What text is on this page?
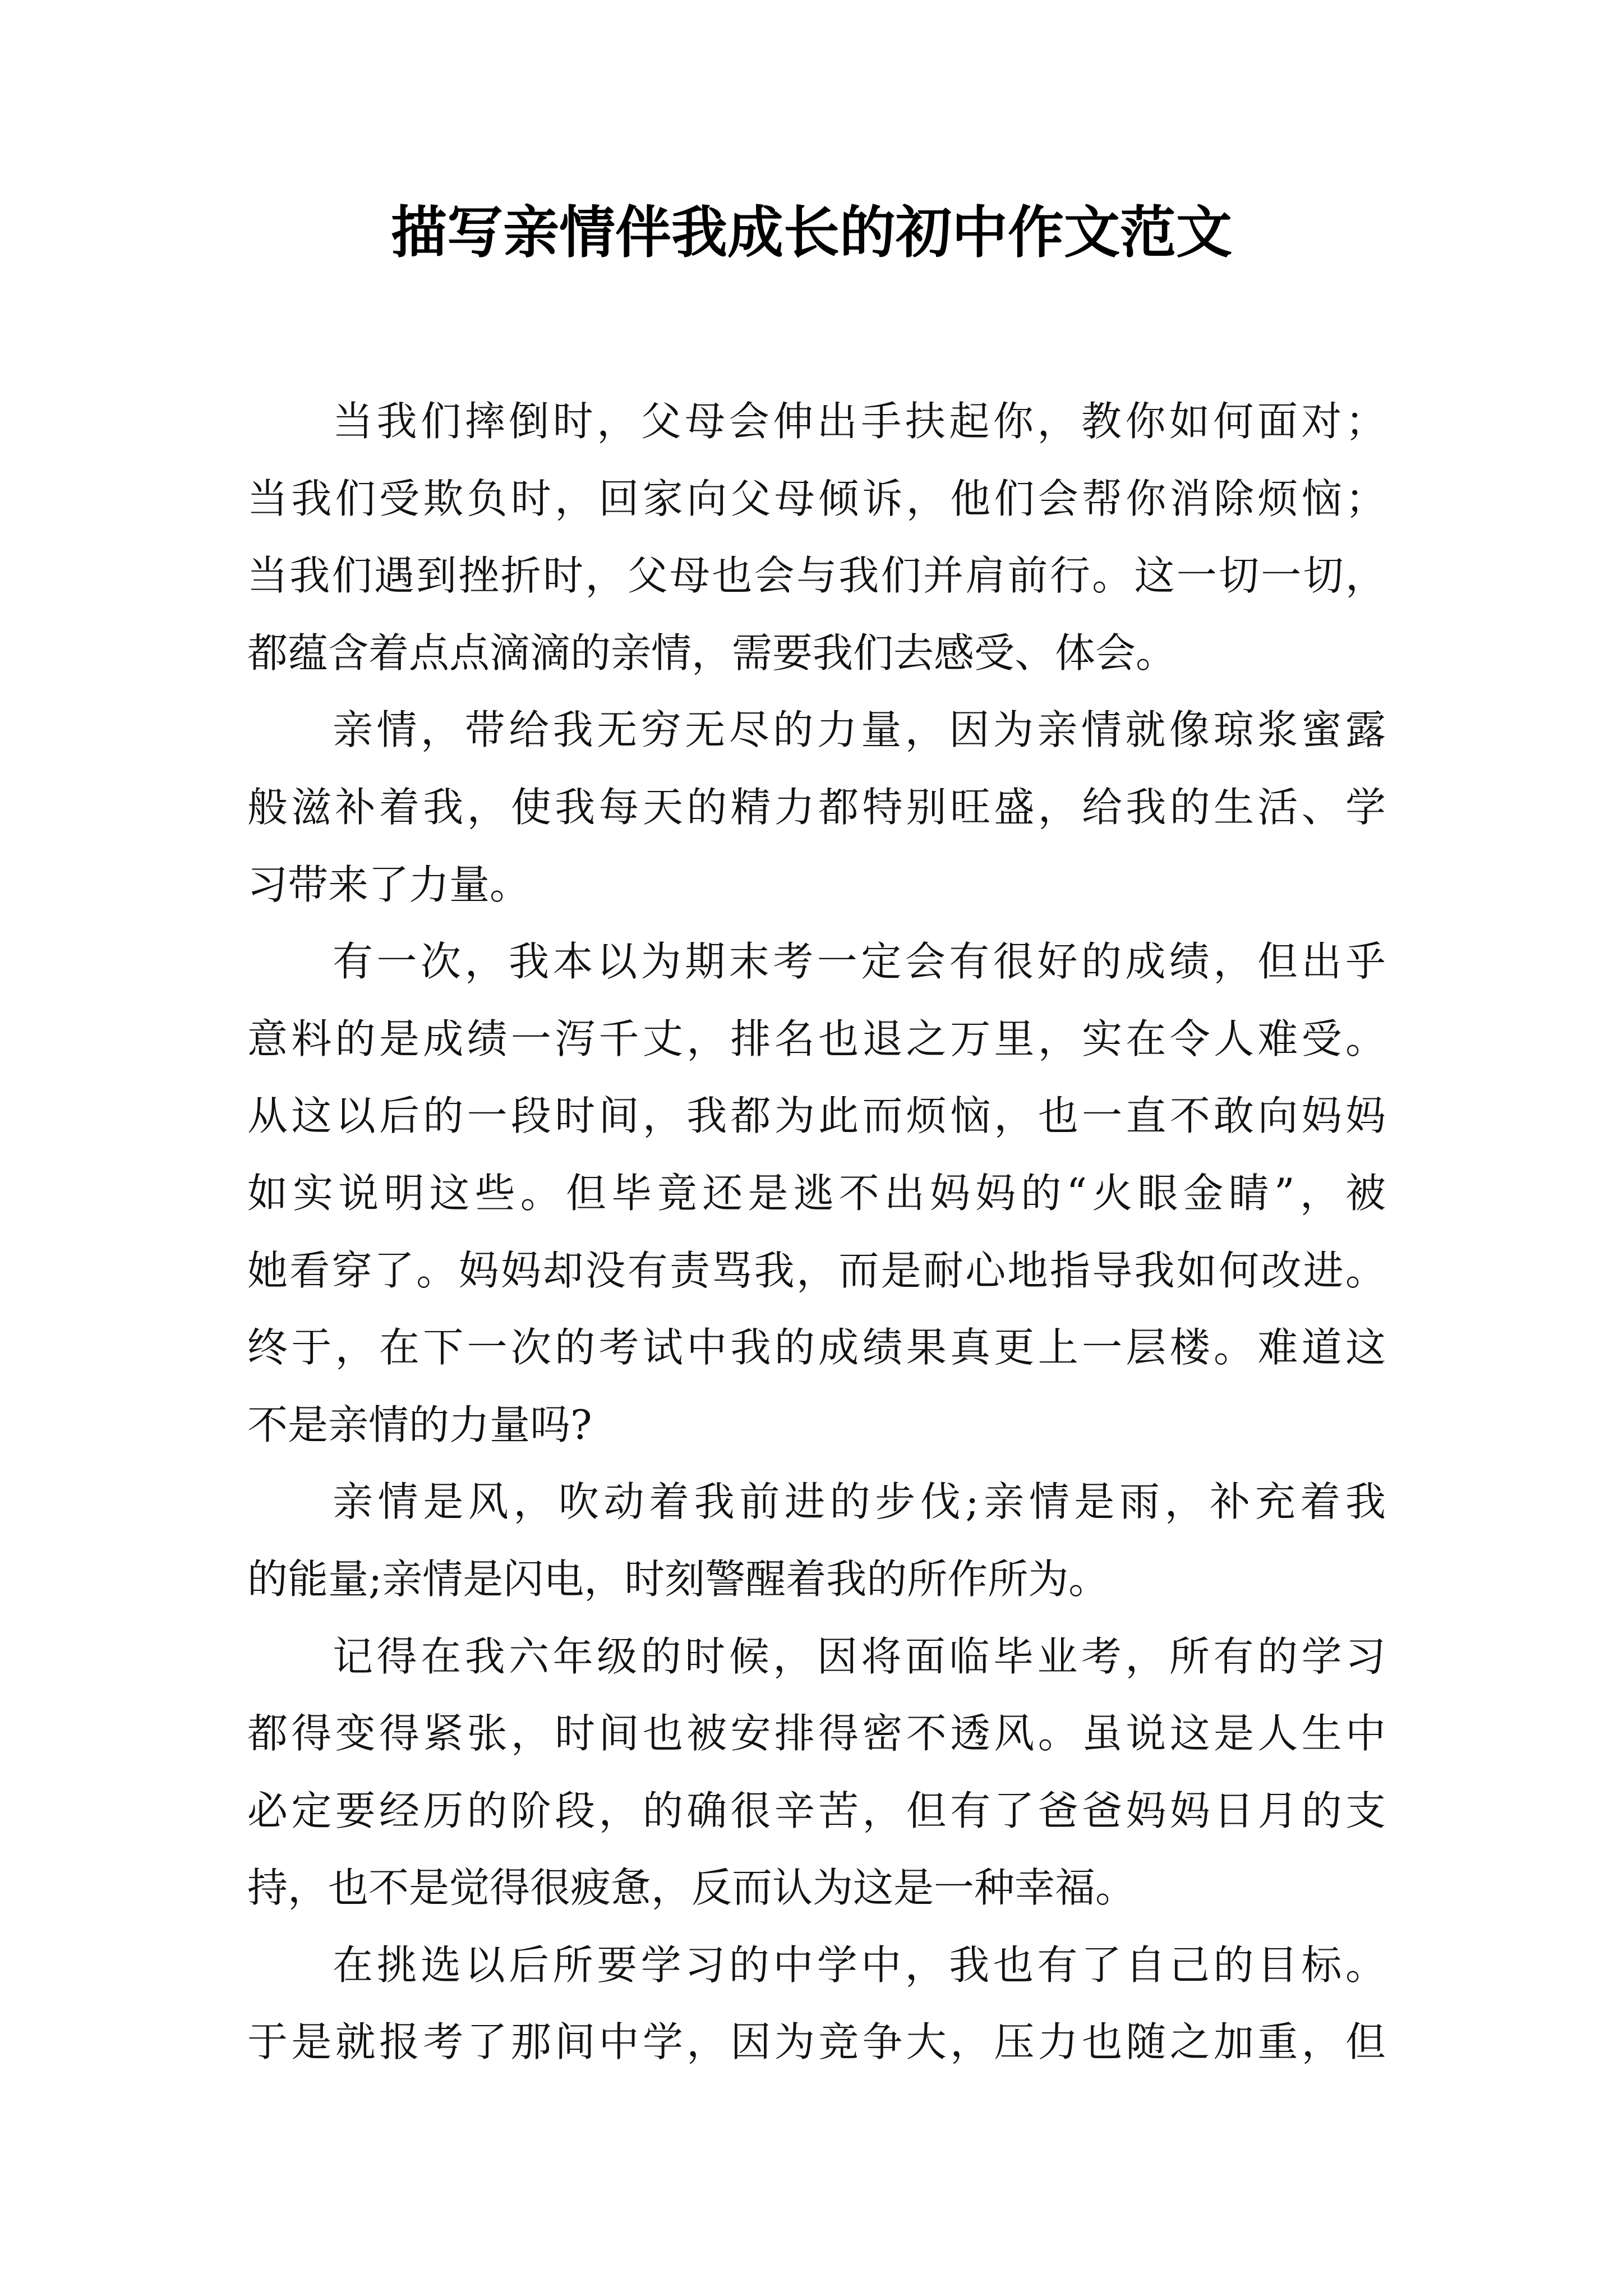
描写亲情伴我成长的初中作文范文
当我们摔倒时，父母会伸出手扶起你，教你如何面对；
当我们受欺负时，回家向父母倾诉，他们会帮你消除烦恼；
当我们遇到挫折时，父母也会与我们并肩前行。这一切一切，
都蕴含着点点滴滴的亲情，需要我们去感受、体会。
亲情，带给我无穷无尽的力量，因为亲情就像琼浆蜜露
般滋补着我，使我每天的精力都特别旺盛，给我的生活、学
习带来了力量。
有一次，我本以为期末考一定会有很好的成绩，但出乎
意料的是成绩一泻千丈，排名也退之万里，实在令人难受。
从这以后的一段时间，我都为此而烦恼，也一直不敢向妈妈
如实说明这些。但毕竟还是逃不出妈妈的“火眼金睛”，被
她看穿了。妈妈却没有责骂我，而是耐心地指导我如何改进。
终于，在下一次的考试中我的成绩果真更上一层楼。难道这
不是亲情的力量吗?
亲情是风，吹动着我前进的步伐;亲情是雨，补充着我
的能量;亲情是闪电，时刻警醒着我的所作所为。
记得在我六年级的时候，因将面临毕业考，所有的学习
都得变得紧张，时间也被安排得密不透风。虽说这是人生中
必定要经历的阶段，的确很辛苦，但有了爸爸妈妈日月的支
持，也不是觉得很疲惫，反而认为这是一种幸福。
在挑选以后所要学习的中学中，我也有了自己的目标。
于是就报考了那间中学，因为竞争大，压力也随之加重，但
